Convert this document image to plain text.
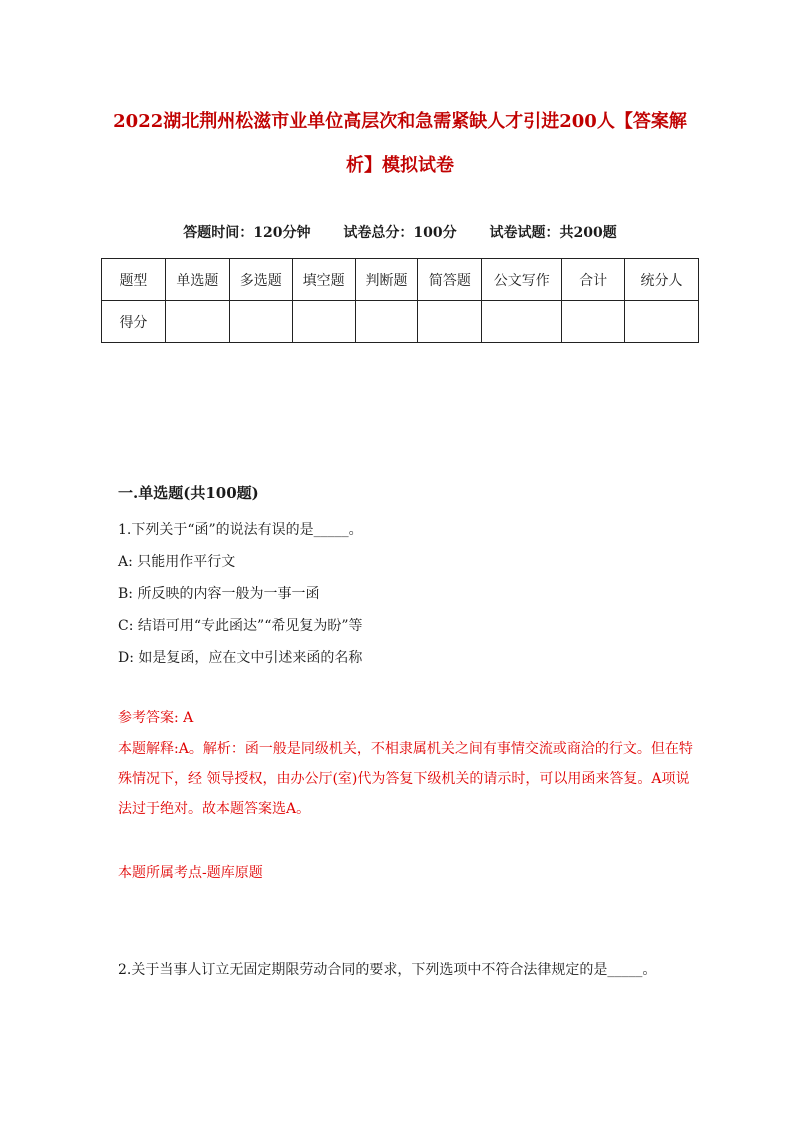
2022湖北荆州松滋市业单位高层次和急需紧缺人才引进200人【答案解析】模拟试卷
答题时间：120分钟 试卷总分：100分 试卷试题：共200题
题型	单选题	多选题	填空题	判断题	简答题	公文写作	合计	统分人
得分								
一.单选题(共100题)
1.下列关于“函”的说法有误的是_____。
A: 只能用作平行文
B: 所反映的内容一般为一事一函
C: 结语可用“专此函达”“希见复为盼”等
D: 如是复函，应在文中引述来函的名称
参考答案: A
本题解释:A。解析：函一般是同级机关，不相隶属机关之间有事情交流或商洽的行文。但在特殊情况下，经 领导授权，由办公厅(室)代为答复下级机关的请示时，可以用函来答复。A项说法过于绝对。故本题答案选A。
本题所属考点-题库原题
2.关于当事人订立无固定期限劳动合同的要求，下列选项中不符合法律规定的是_____。
